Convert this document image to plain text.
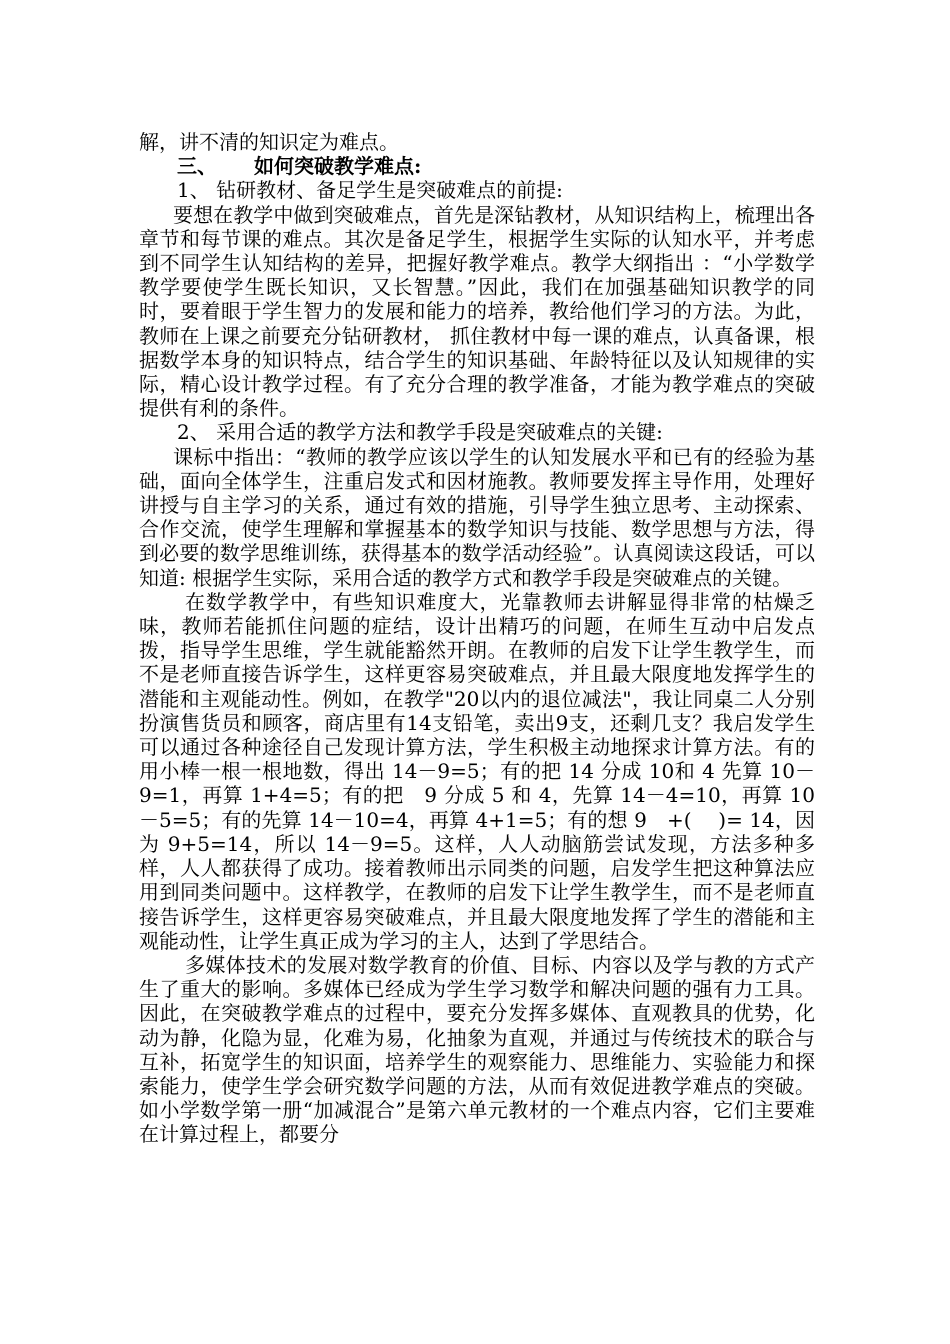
解，讲不清的知识定为难点。

三、　 如何突破教学难点:

1、 钻研教材、备足学生是突破难点的前提:

要想在教学中做到突破难点，首先是深钻教材，从知识结构上，梳理出各章节和每节课的难点。其次是备足学生，根据学生实际的认知水平，并考虑到不同学生认知结构的差异，把握好教学难点。教学大纲指出 ：“小学数学教学要使学生既长知识，又长智慧。”因此，我们在加强基础知识教学的同时，要着眼于学生智力的发展和能力的培养，教给他们学习的方法。为此，教师在上课之前要充分钻研教材， 抓住教材中每一课的难点，认真备课，根据数学本身的知识特点，结合学生的知识基础、年龄特征以及认知规律的实际，精心设计教学过程。有了充分合理的教学准备，才能为教学难点的突破提供有利的条件。

2、 采用合适的教学方法和教学手段是突破难点的关键:

课标中指出：“教师的教学应该以学生的认知发展水平和已有的经验为基础，面向全体学生，注重启发式和因材施教。教师要发挥主导作用，处理好讲授与自主学习的关系，通过有效的措施，引导学生独立思考、主动探索、合作交流，使学生理解和掌握基本的数学知识与技能、数学思想与方法，得到必要的数学思维训练，获得基本的数学活动经验”。认真阅读这段话，可以知道: 根据学生实际，采用合适的教学方式和教学手段是突破难点的关键。

在数学教学中，有些知识难度大，光靠教师去讲解显得非常的枯燥乏味，教师若能抓住问题的症结，设计出精巧的问题，在师生互动中启发点拨，指导学生思维，学生就能豁然开朗。在教师的启发下让学生教学生，而不是老师直接告诉学生，这样更容易突破难点，并且最大限度地发挥学生的潜能和主观能动性。例如，在教学"20以内的退位减法"，我让同桌二人分别扮演售货员和顾客，商店里有14支铅笔，卖出9支，还剩几支？我启发学生可以通过各种途径自己发现计算方法，学生积极主动地探求计算方法。有的用小棒一根一根地数，得出 14－9=5；有的把 14 分成 10和 4 先算 10－9=1，再算 1+4=5；有的把　9 分成 5 和 4，先算 14－4=10，再算 10－5=5；有的先算 14－10=4，再算 4+1=5；有的想 9　+(　 )= 14，因为 9+5=14，所以 14－9=5。这样，人人动脑筋尝试发现，方法多种多样，人人都获得了成功。接着教师出示同类的问题，启发学生把这种算法应用到同类问题中。这样教学，在教师的启发下让学生教学生，而不是老师直接告诉学生，这样更容易突破难点，并且最大限度地发挥了学生的潜能和主观能动性，让学生真正成为学习的主人，达到了学思结合。

多媒体技术的发展对数学教育的价值、目标、内容以及学与教的方式产生了重大的影响。多媒体已经成为学生学习数学和解决问题的强有力工具。因此，在突破教学难点的过程中，要充分发挥多媒体、直观教具的优势，化动为静，化隐为显，化难为易，化抽象为直观，并通过与传统技术的联合与互补，拓宽学生的知识面，培养学生的观察能力、思维能力、实验能力和探索能力，使学生学会研究数学问题的方法，从而有效促进教学难点的突破。如小学数学第一册“加减混合”是第六单元教材的一个难点内容，它们主要难在计算过程上，都要分
